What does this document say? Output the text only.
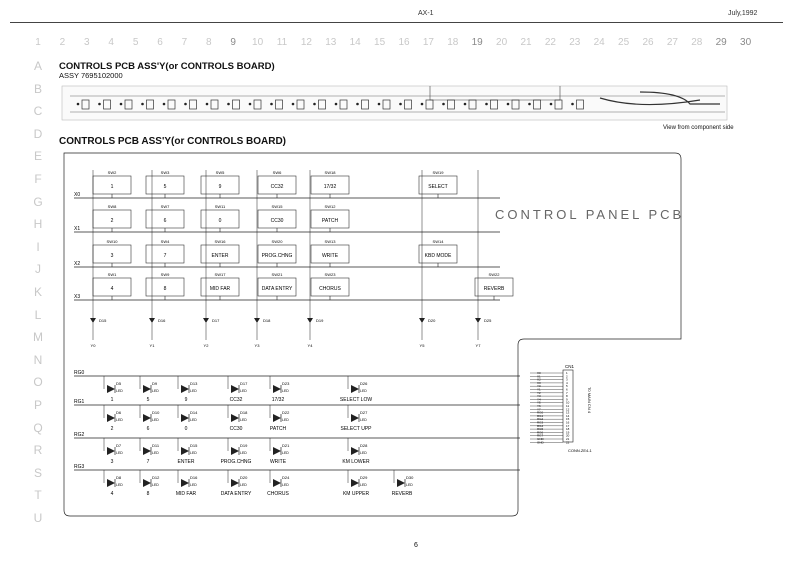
AX-1	July,1992
1 2 3 4 5 6 7 8 9 10 11 12 13 14 15 16 17 18 19 20 21 22 23 24 25 26 27 28 29 30
A
B
C
D
E
F
G
H
I
J
K
L
M
N
O
P
Q
R
S
T
U
CONTROLS PCB ASS'Y(or CONTROLS BOARD)
ASSY 7695102000
View from component side
CONTROLS PCB ASS'Y(or CONTROLS BOARD)
CONTROL PANEL PCB
X0
SW2
1
SW3
5
SW5
9
SW6
CC32
SW18
17/32
SW19
SELECT
X1
SW8
2
SW7
6
SW11
0
SW15
CC30
SW12
PATCH
X2
SW10
3
SW4
7
SW16
ENTER
SW20
PROG.CHNG
SW13
WRITE
SW14
KBD MODE
X3
SW1
4
SW9
8
SW17
MID FAR
SW21
DATA ENTRY
SW23
CHORUS
SW22
REVERB
D15
Y0
D16
Y1
D17
Y2
D18
Y3
D19
Y4
D20
Y5
D25
Y7
RG0
D5
LED
1
D9
LED
5
D13
LED
9
D17
LED
CC32
D23
LED
17/32
D26
LED
SELECT LOW
RG1
D6
LED
2
D10
LED
6
D14
LED
0
D18
LED
CC30
D22
LED
PATCH
D27
LED
SELECT UPP
RG2
D7
LED
3
D11
LED
7
D15
LED
ENTER
D19
LED
PROG.CHNG
D21
LED
WRITE
D28
LED
KM LOWER
RG3
D8
LED
4
D12
LED
8
D16
LED
MID FAR
D20
LED
DATA ENTRY
D24
LED
CHORUS
D29
LED
KM UPPER
D30
LED
REVERB
CN1
X0	1
X1	2
X2	3
X3	4
Y0	5
Y1	6
Y2	7
Y3	8
Y4	9
Y5	10
Y6	11
Y7	12
RG0	13
RG1	14
RG2	15
RG3	16
RG4	17
RG5	18
RG6	19
RG7	20
GND	21
GND	22
T0 MAIN CN 4
CONN.ZE4-1
6
